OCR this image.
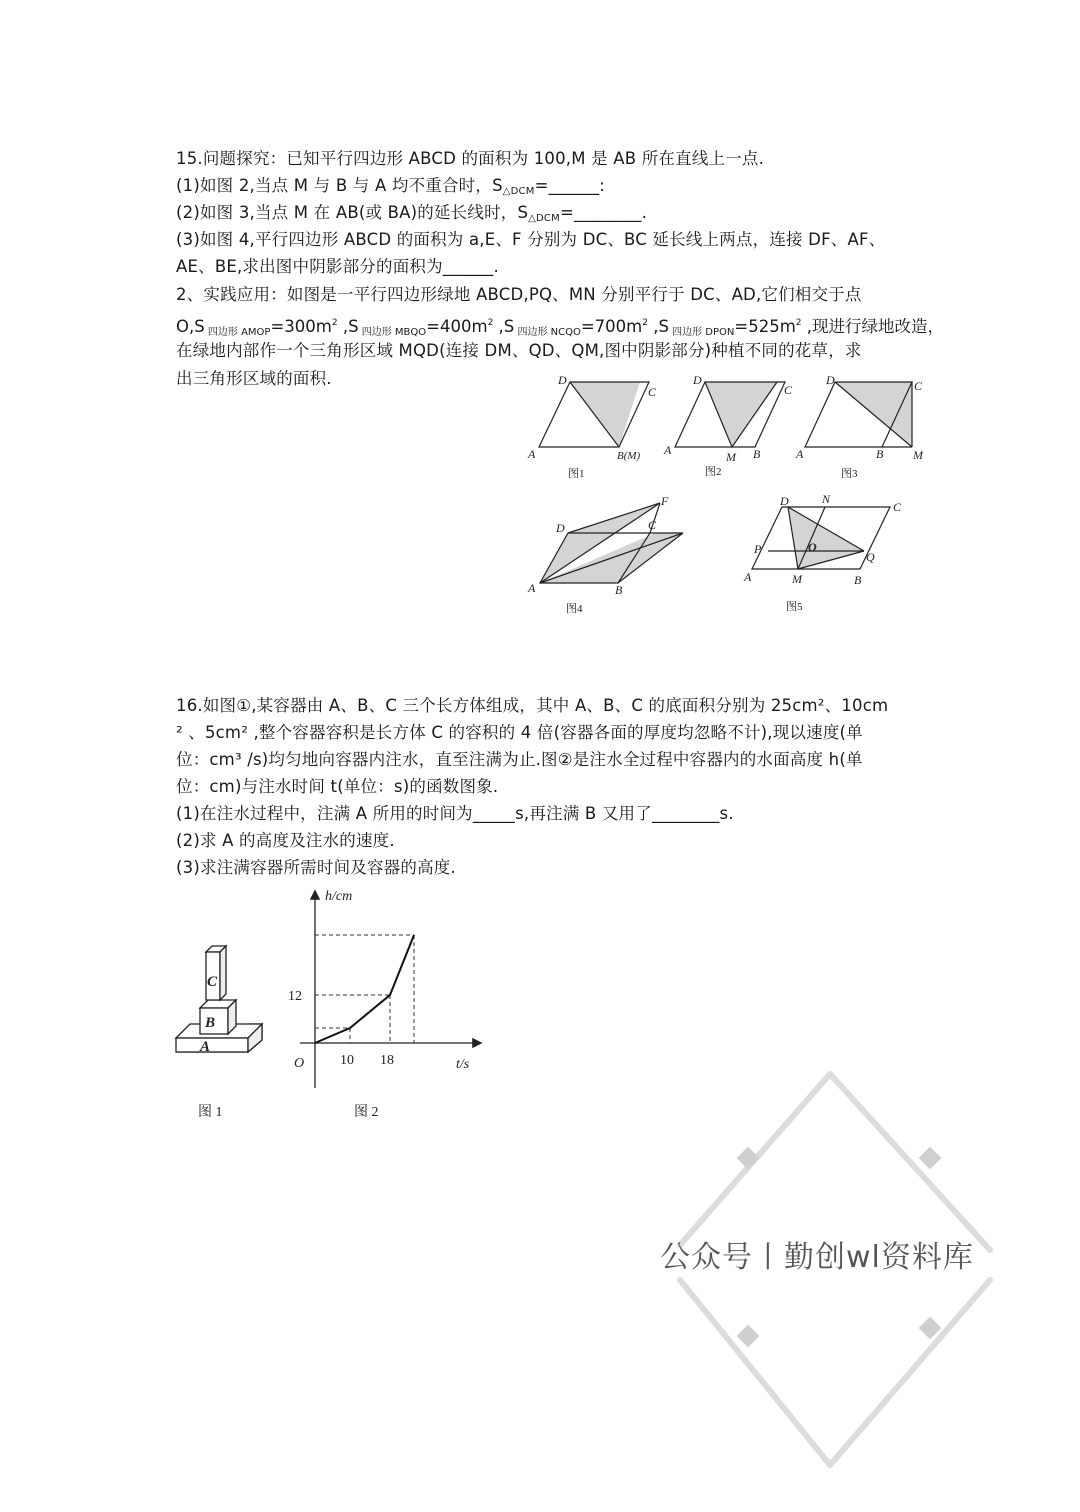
15.问题探究：已知平行四边形 ABCD 的面积为 100,M 是 AB 所在直线上一点.
(1)如图 2,当点 M 与 B 与 A 均不重合时，$S_{\triangle DCM}=\_\_\_\_\_\_$:
(2)如图 3,当点 M 在 AB(或 BA)的延长线时，$S_{\triangle DCM}=\_\_\_\_\_\_\_\_$.
(3)如图 4,平行四边形 ABCD 的面积为 a,E、F 分别为 DC、BC 延长线上两点，连接 DF、AF、
AE、BE,求出图中阴影部分的面积为______.
2、实践应用：如图是一平行四边形绿地 ABCD,PQ、MN 分别平行于 DC、AD,它们相交于点
O,S $_{四边形 AMOP}=300m^2$ ,S $_{四边形 MBQO}=400m^2$ ,S $_{四边形 NCQO}=700m^2$ ,S $_{四边形 DPON}=525m^2$ ,现进行绿地改造，
在绿地内部作一个三角形区域 MQD(连接 DM、QD、QM,图中阴影部分)种植不同的花草，求
出三角形区域的面积.	D
C
A	B(M)
D
C
A	M B
D	C
A	B M
D
F
C
A	B
D	N
C
P	O
Q
A	M	B
图1	图2	图3
图4	图5
16.如图①,某容器由 A、B、C 三个长方体组成，其中 A、B、C 的底面积分别为 25cm²、10cm
² 、5cm² ,整个容器容积是长方体 C 的容积的 4 倍(容器各面的厚度均忽略不计),现以速度(单
位：cm³ /s)均匀地向容器内注水，直至注满为止.图②是注水全过程中容器内的水面高度 h(单
位：cm)与注水时间 t(单位：s)的函数图象.
(1)在注水过程中，注满 A 所用的时间为_____s,再注满 B 又用了________s.
(2)求 A 的高度及注水的速度.
(3)求注满容器所需时间及容器的高度.
A
B
C
图 1
h/cm
t/s
O	10 18
12
图 2
公众号丨勤创wl资料库
